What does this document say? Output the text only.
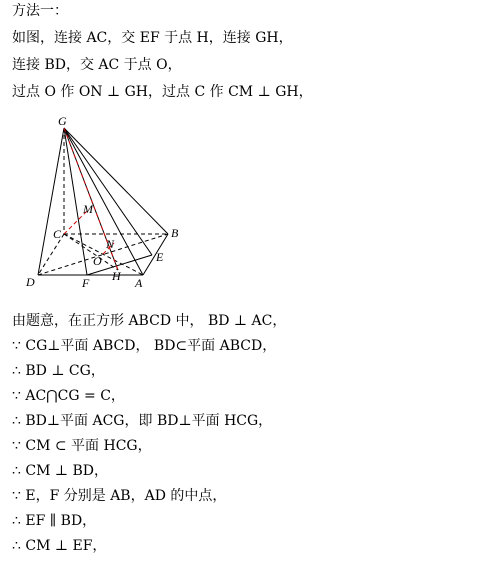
方法一：
如图，连接 AC，交 EF 于点 H，连接 GH，
连接 BD，交 AC 于点 O，
过点 O 作 ON ⊥ GH，过点 C 作 CM ⊥ GH，
G
M
C	B
N
E
O
H
D	F	A
由题意，在正方形 ABCD 中， BD ⊥ AC，
∵ CG⊥平面 ABCD， BD⊂平面 ABCD，
∴ BD ⊥ CG，
∵ AC⋂CG = C，
∴ BD⊥平面 ACG，即 BD⊥平面 HCG，
∵ CM ⊂ 平面 HCG，
∴ CM ⊥ BD，
∵ E，F 分别是 AB，AD 的中点，
∴ EF ∥ BD，
∴ CM ⊥ EF，
